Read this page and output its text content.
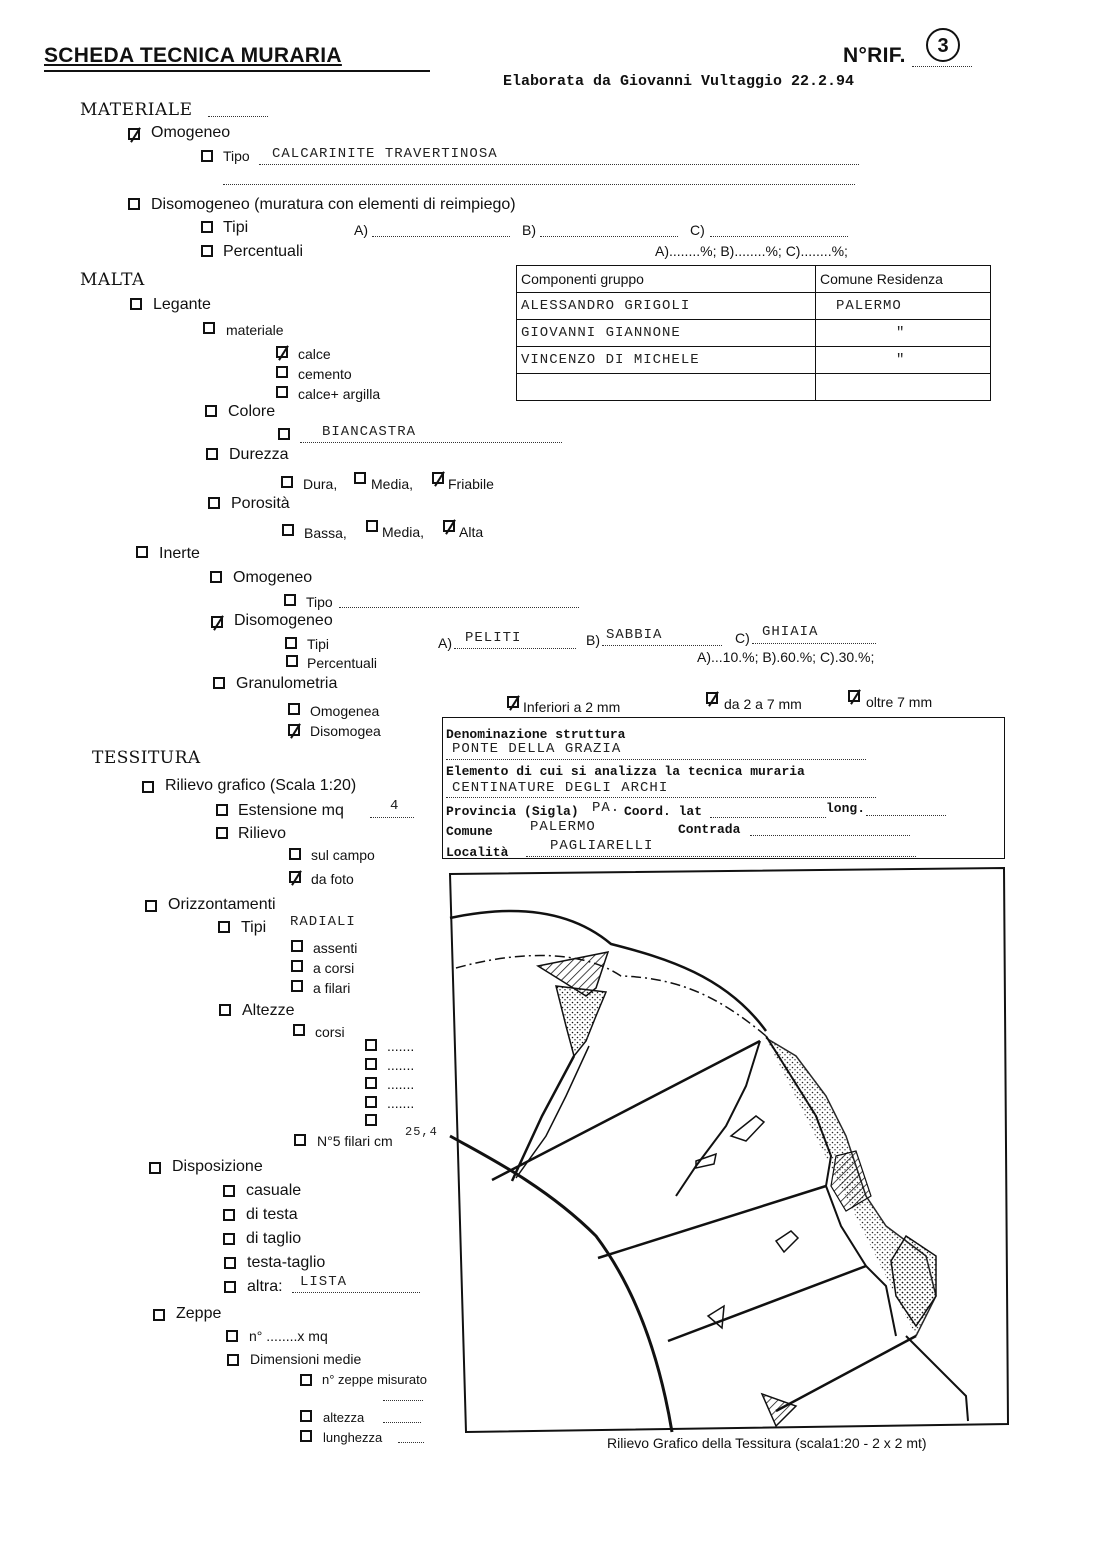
SCHEDA TECNICA MURARIA	N°RIF.	3
Elaborata da Giovanni Vultaggio 22.2.94
MATERIALE
Omogeneo
Tipo CALCARINITE TRAVERTINOSA
Disomogeneo (muratura con elementi di reimpiego)
Tipi	A)	B)	C)
Percentuali	A)........%; B)........%; C)........%;
Componenti gruppo	Comune Residenza
ALESSANDRO GRIGOLI	PALERMO
GIOVANNI GIANNONE	"
VINCENZO DI MICHELE	"

MALTA
Legante
materiale
calce
cemento
calce+ argilla
Colore
BIANCASTRA
Durezza
Dura, Media, Friabile
Porosità
Bassa,	Media, Alta
Inerte
Omogeneo
Tipo
Disomogeneo
Tipi
Percentuali
A) PELITI	B) SABBIA	C) GHIAIA
A)...10.%; B).60.%; C).30.%;
Granulometria
Omogenea
Disomogea
Inferiori a 2 mm	da 2 a 7 mm	oltre 7 mm
Denominazione struttura
PONTE DELLA GRAZIA
Elemento di cui si analizza la tecnica muraria
CENTINATURE DEGLI ARCHI
Provincia (Sigla) PA. Coord. lat	long.
Comune	PALERMO	Contrada
Località	PAGLIARELLI
TESSITURA
Rilievo grafico (Scala 1:20)
Estensione mq	4
Rilievo
sul campo
da foto
Orizzontamenti
Tipi RADIALI
assenti
a corsi
a filari
Altezze
corsi
.......
.......
.......
.......
N°5 filari cm
25,4
Disposizione
casuale
di testa
di taglio
testa-taglio
altra: LISTA
Zeppe
n° ........x mq
Dimensioni medie
n° zeppe misurato
altezza
lunghezza	Rilievo Grafico della Tessitura (scala1:20 - 2 x 2 mt)
